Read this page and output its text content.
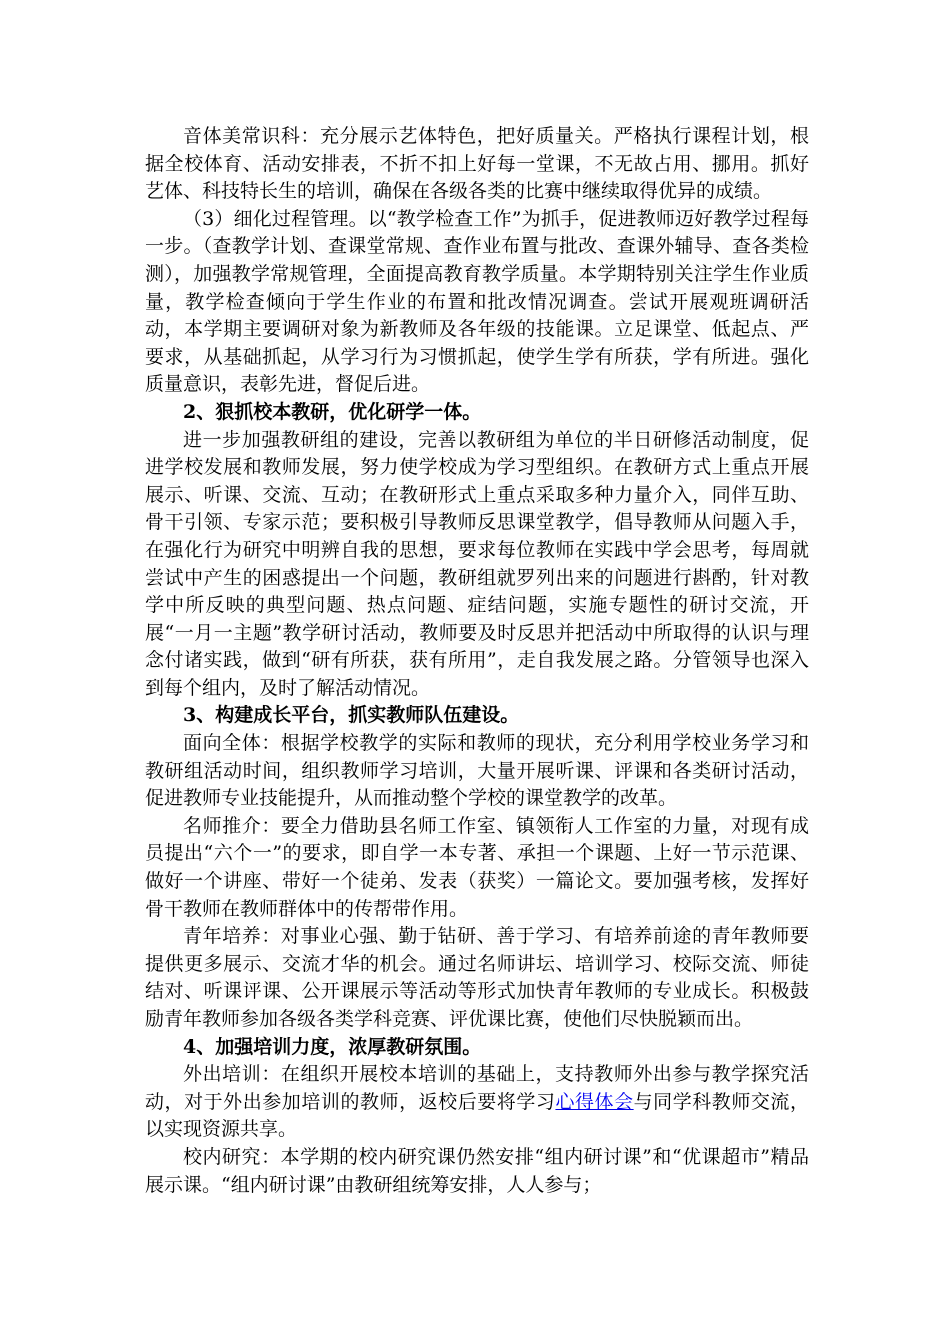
音体美常识科：充分展示艺体特色，把好质量关。严格执行课程计划，根据全校体育、活动安排表，不折不扣上好每一堂课，不无故占用、挪用。抓好艺体、科技特长生的培训，确保在各级各类的比赛中继续取得优异的成绩。

（3）细化过程管理。以“教学检查工作”为抓手，促进教师迈好教学过程每一步。（查教学计划、查课堂常规、查作业布置与批改、查课外辅导、查各类检测），加强教学常规管理，全面提高教育教学质量。本学期特别关注学生作业质量，教学检查倾向于学生作业的布置和批改情况调查。尝试开展观班调研活动，本学期主要调研对象为新教师及各年级的技能课。立足课堂、低起点、严要求，从基础抓起，从学习行为习惯抓起，使学生学有所获，学有所进。强化质量意识，表彰先进，督促后进。

2、狠抓校本教研，优化研学一体。

进一步加强教研组的建设，完善以教研组为单位的半日研修活动制度，促进学校发展和教师发展，努力使学校成为学习型组织。在教研方式上重点开展展示、听课、交流、互动；在教研形式上重点采取多种力量介入，同伴互助、骨干引领、专家示范；要积极引导教师反思课堂教学，倡导教师从问题入手，在强化行为研究中明辨自我的思想，要求每位教师在实践中学会思考，每周就尝试中产生的困惑提出一个问题，教研组就罗列出来的问题进行斟酌，针对教学中所反映的典型问题、热点问题、症结问题，实施专题性的研讨交流，开展“一月一主题”教学研讨活动，教师要及时反思并把活动中所取得的认识与理念付诸实践，做到“研有所获，获有所用”，走自我发展之路。分管领导也深入到每个组内，及时了解活动情况。

3、构建成长平台，抓实教师队伍建设。

面向全体：根据学校教学的实际和教师的现状，充分利用学校业务学习和教研组活动时间，组织教师学习培训，大量开展听课、评课和各类研讨活动，促进教师专业技能提升，从而推动整个学校的课堂教学的改革。

名师推介：要全力借助县名师工作室、镇领衔人工作室的力量，对现有成员提出“六个一”的要求，即自学一本专著、承担一个课题、上好一节示范课、做好一个讲座、带好一个徒弟、发表（获奖）一篇论文。要加强考核，发挥好骨干教师在教师群体中的传帮带作用。

青年培养：对事业心强、勤于钻研、善于学习、有培养前途的青年教师要提供更多展示、交流才华的机会。通过名师讲坛、培训学习、校际交流、师徒结对、听课评课、公开课展示等活动等形式加快青年教师的专业成长。积极鼓励青年教师参加各级各类学科竞赛、评优课比赛，使他们尽快脱颖而出。

4、加强培训力度，浓厚教研氛围。

外出培训：在组织开展校本培训的基础上，支持教师外出参与教学探究活动，对于外出参加培训的教师，返校后要将学习心得体会与同学科教师交流，以实现资源共享。

校内研究：本学期的校内研究课仍然安排“组内研讨课”和“优课超市”精品展示课。“组内研讨课”由教研组统筹安排，人人参与；
